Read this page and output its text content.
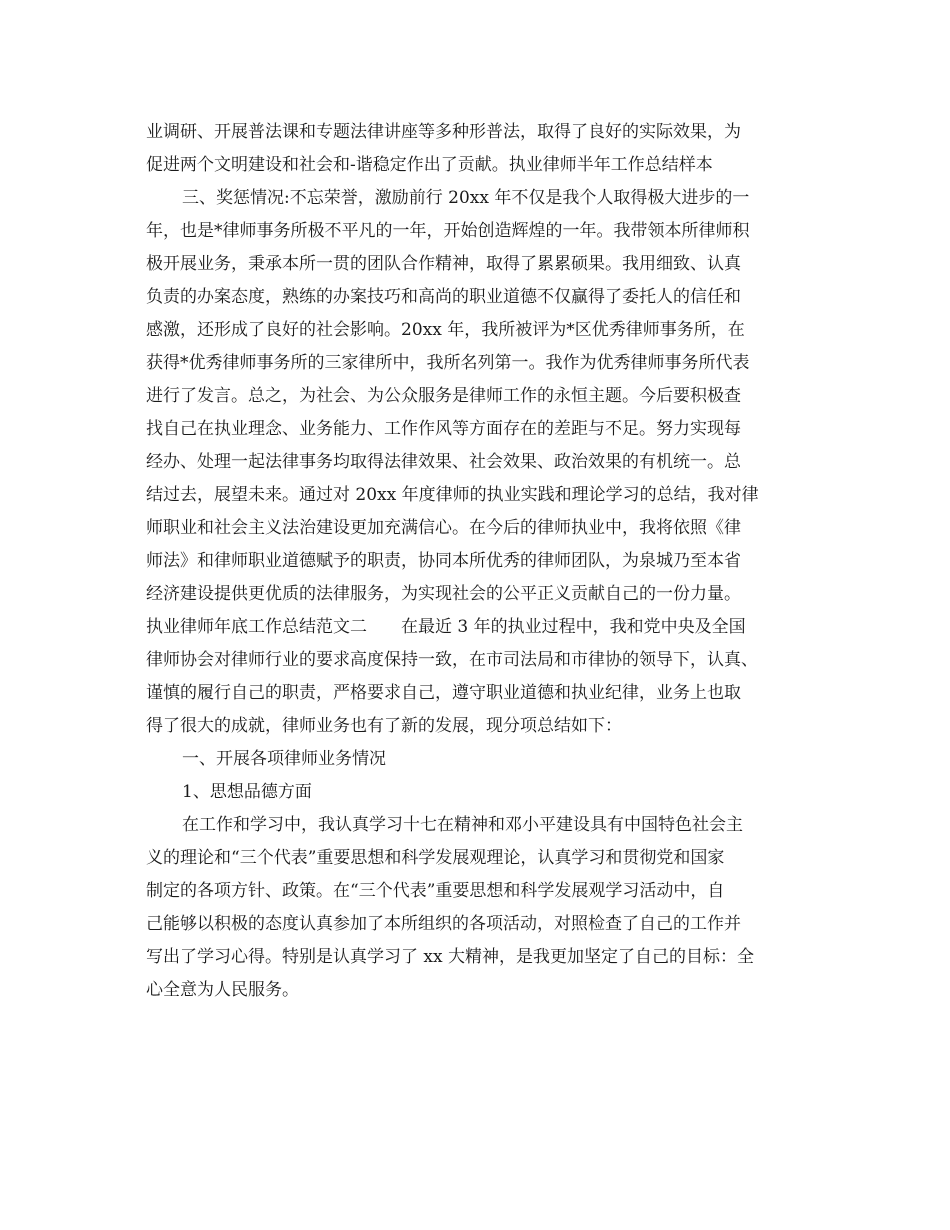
业调研、开展普法课和专题法律讲座等多种形普法，取得了良好的实际效果，为
促进两个文明建设和社会和-谐稳定作出了贡献。执业律师半年工作总结样本
三、奖惩情况:不忘荣誉，激励前行 20xx 年不仅是我个人取得极大进步的一
年，也是*律师事务所极不平凡的一年，开始创造辉煌的一年。我带领本所律师积
极开展业务，秉承本所一贯的团队合作精神，取得了累累硕果。我用细致、认真
负责的办案态度，熟练的办案技巧和高尚的职业道德不仅赢得了委托人的信任和
感激，还形成了良好的社会影响。20xx 年，我所被评为*区优秀律师事务所，在
获得*优秀律师事务所的三家律所中，我所名列第一。我作为优秀律师事务所代表
进行了发言。总之，为社会、为公众服务是律师工作的永恒主题。今后要积极查
找自己在执业理念、业务能力、工作作风等方面存在的差距与不足。努力实现每
经办、处理一起法律事务均取得法律效果、社会效果、政治效果的有机统一。总
结过去，展望未来。通过对 20xx 年度律师的执业实践和理论学习的总结，我对律
师职业和社会主义法治建设更加充满信心。在今后的律师执业中，我将依照《律
师法》和律师职业道德赋予的职责，协同本所优秀的律师团队，为泉城乃至本省
经济建设提供更优质的法律服务，为实现社会的公平正义贡献自己的一份力量。
执业律师年底工作总结范文二　　在最近 3 年的执业过程中，我和党中央及全国
律师协会对律师行业的要求高度保持一致，在市司法局和市律协的领导下，认真、
谨慎的履行自己的职责，严格要求自己，遵守职业道德和执业纪律，业务上也取
得了很大的成就，律师业务也有了新的发展，现分项总结如下：
一、开展各项律师业务情况
1、思想品德方面
在工作和学习中，我认真学习十七在精神和邓小平建设具有中国特色社会主
义的理论和“三个代表”重要思想和科学发展观理论，认真学习和贯彻党和国家
制定的各项方针、政策。在“三个代表”重要思想和科学发展观学习活动中，自
己能够以积极的态度认真参加了本所组织的各项活动，对照检查了自己的工作并
写出了学习心得。特别是认真学习了 xx 大精神，是我更加坚定了自己的目标：全
心全意为人民服务。
